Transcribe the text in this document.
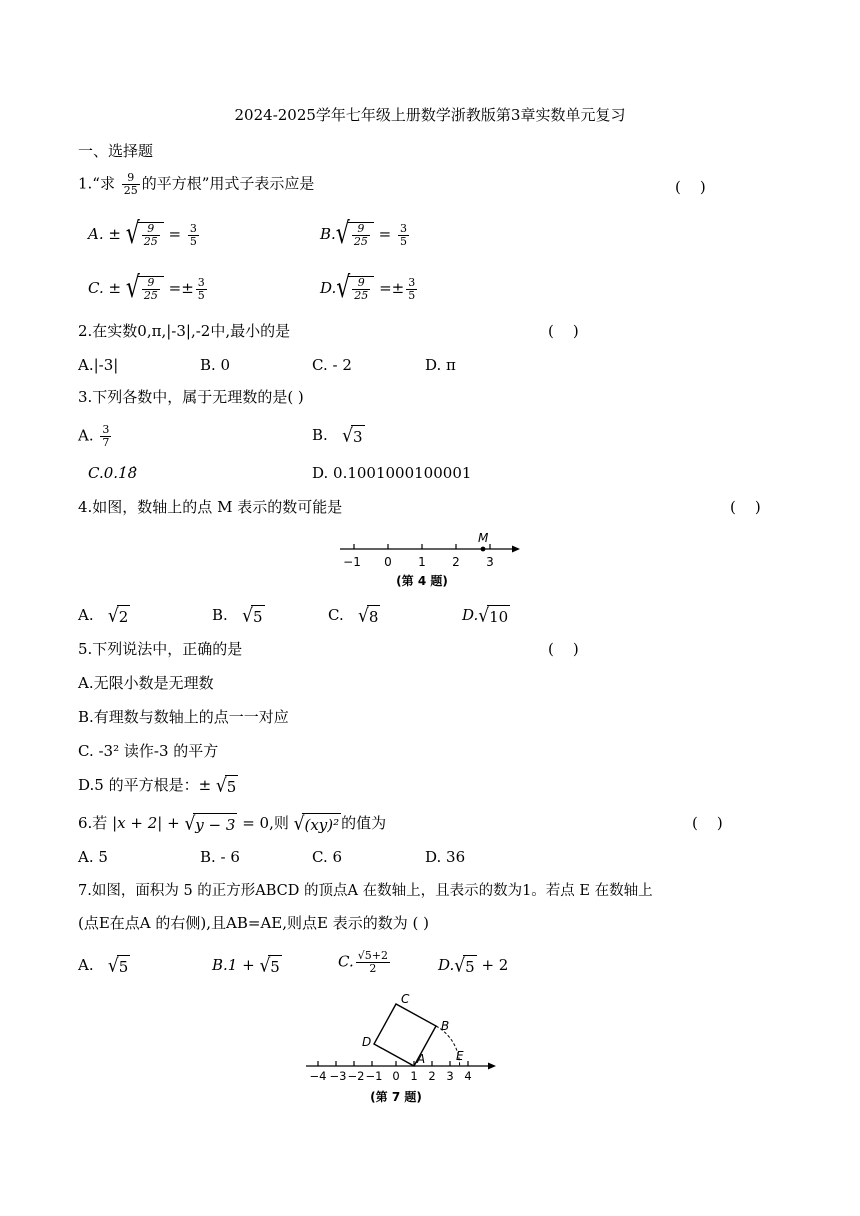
2024-2025学年七年级上册数学浙教版第3章实数单元复习
一、选择题
1.“求 $\frac{9}{25}$ 的平方根”用式子表示应是	(    )
A. ± √ $\frac{9}{25} = \frac{3}{5}$	$B.√ \frac{9}{25} = \frac{3}{5}$
C. ± √ $\frac{9}{25} =\pm \frac{3}{5}$	$D.√ \frac{9}{25} =\pm \frac{3}{5}$
2.在实数0,π,|-3|,-2中,最小的是	(    )
A.|-3|	B. 0	C. - 2	D. π
3.下列各数中，属于无理数的是( )
A. $\frac{3}{7}$	B. √3
C.0.1̇8̇	D. 0.1001000100001
4.如图，数轴上的点 M 表示的数可能是	(    )
−1 0 1 2 3
M
(第 4 题)
A. √2	B. √5	C. √8	D.√10
5.下列说法中，正确的是	(    )
A.无限小数是无理数
B.有理数与数轴上的点一一对应
C. -3² 读作-3 的平方
D.5 的平方根是：± √5
6.若 |x + 2| + √y − 3 = 0,则 √(xy)² 的值为	(    )
A. 5	B. - 6	C. 6	D. 36
7.如图，面积为 5 的正方形ABCD 的顶点A 在数轴上，且表示的数为1。若点 E 在数轴上
(点E在点A 的右侧),且AB=AE,则点E 表示的数为 ( )
A. √5	B.1 + √5	C. $\frac{√5+2}{2}$	D.√5 + 2
−4 −3 −2 −1 0 1 2 3 4
A
B
C
D
E
(第 7 题)
